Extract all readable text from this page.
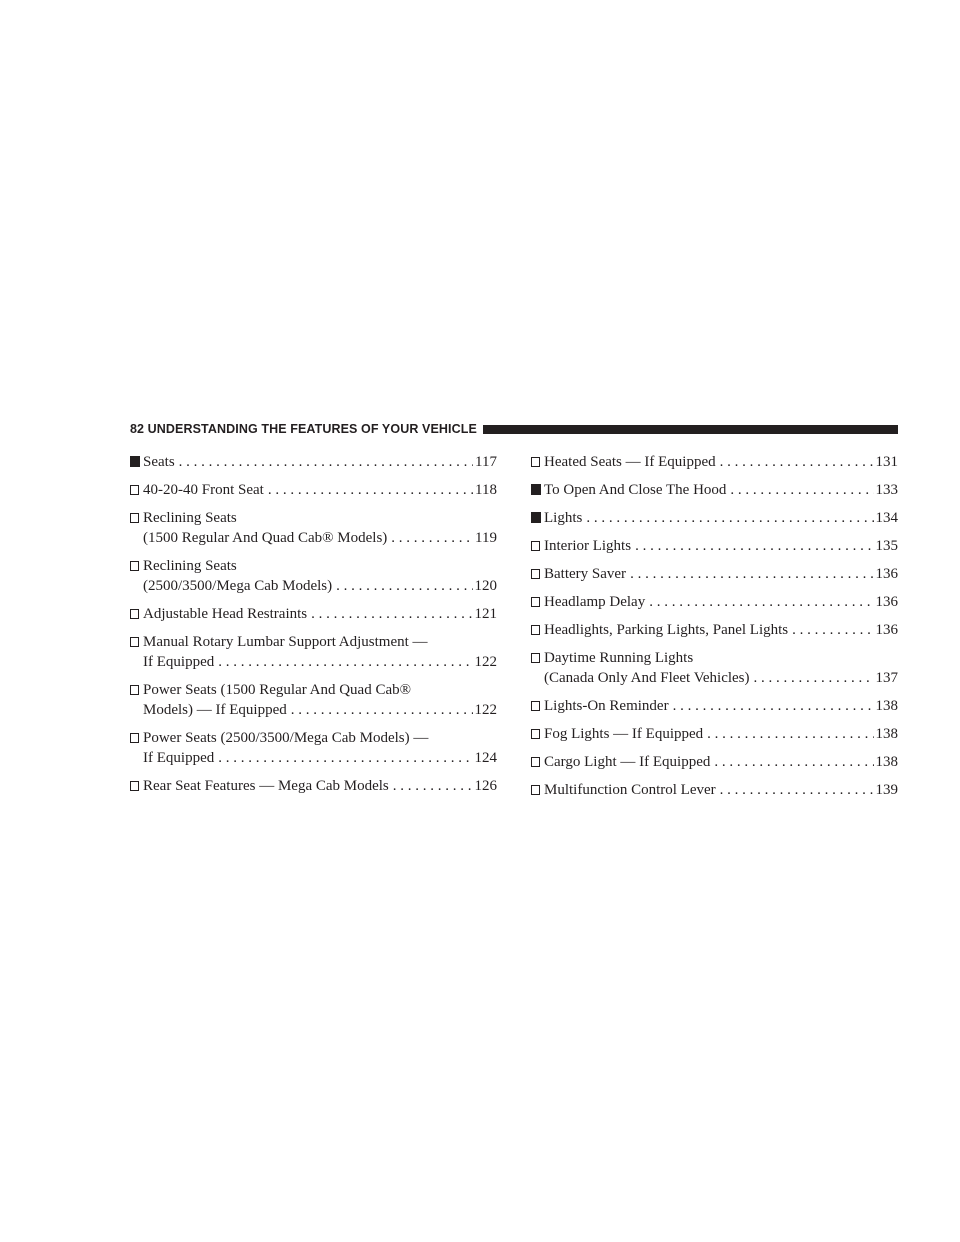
82 UNDERSTANDING THE FEATURES OF YOUR VEHICLE
Seats . . .	117
40-20-40 Front Seat . . .	118
Reclining Seats
(1500 Regular And Quad Cab® Models) . . .	119
Reclining Seats
(2500/3500/Mega Cab Models) . . .	120
Adjustable Head Restraints . . .	121
Manual Rotary Lumbar Support Adjustment —
If Equipped . . .	122
Power Seats (1500 Regular And Quad Cab®
Models) — If Equipped . . .	122
Power Seats (2500/3500/Mega Cab Models) —
If Equipped . . .	124
Rear Seat Features — Mega Cab Models . . .	126
Heated Seats — If Equipped . . .	131
To Open And Close The Hood . . .	133
Lights . . .	134
Interior Lights . . .	135
Battery Saver . . .	136
Headlamp Delay . . .	136
Headlights, Parking Lights, Panel Lights . . .	136
Daytime Running Lights
(Canada Only And Fleet Vehicles) . . .	137
Lights-On Reminder . . .	138
Fog Lights — If Equipped . . .	138
Cargo Light — If Equipped . . .	138
Multifunction Control Lever . . .	139
